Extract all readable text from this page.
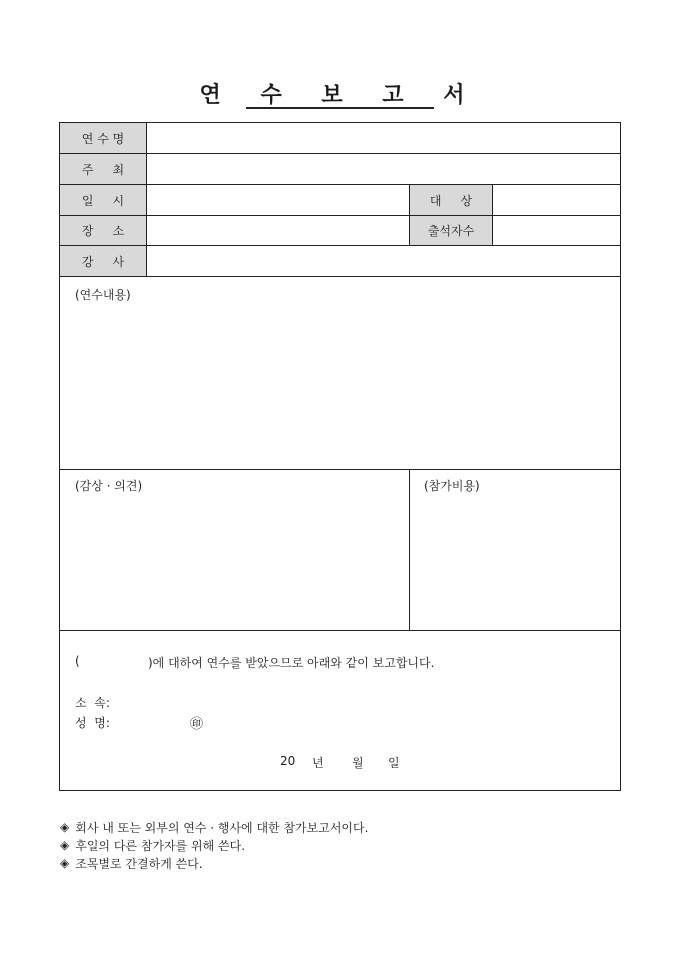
연 수 보 고 서
연 수 명
주     최
일     시	대     상
장     소	출석자수
강     사
(연수내용)
(감상 · 의견)	(참가비용)
(	)에 대하여 연수를 받았으므로 아래와 같이 보고합니다.
소  속:
성  명:	㊞
20 년 월 일
◈ 회사 내 또는 외부의 연수 · 행사에 대한 참가보고서이다.
◈ 후일의 다른 참가자를 위해 쓴다.
◈ 조목별로 간결하게 쓴다.
